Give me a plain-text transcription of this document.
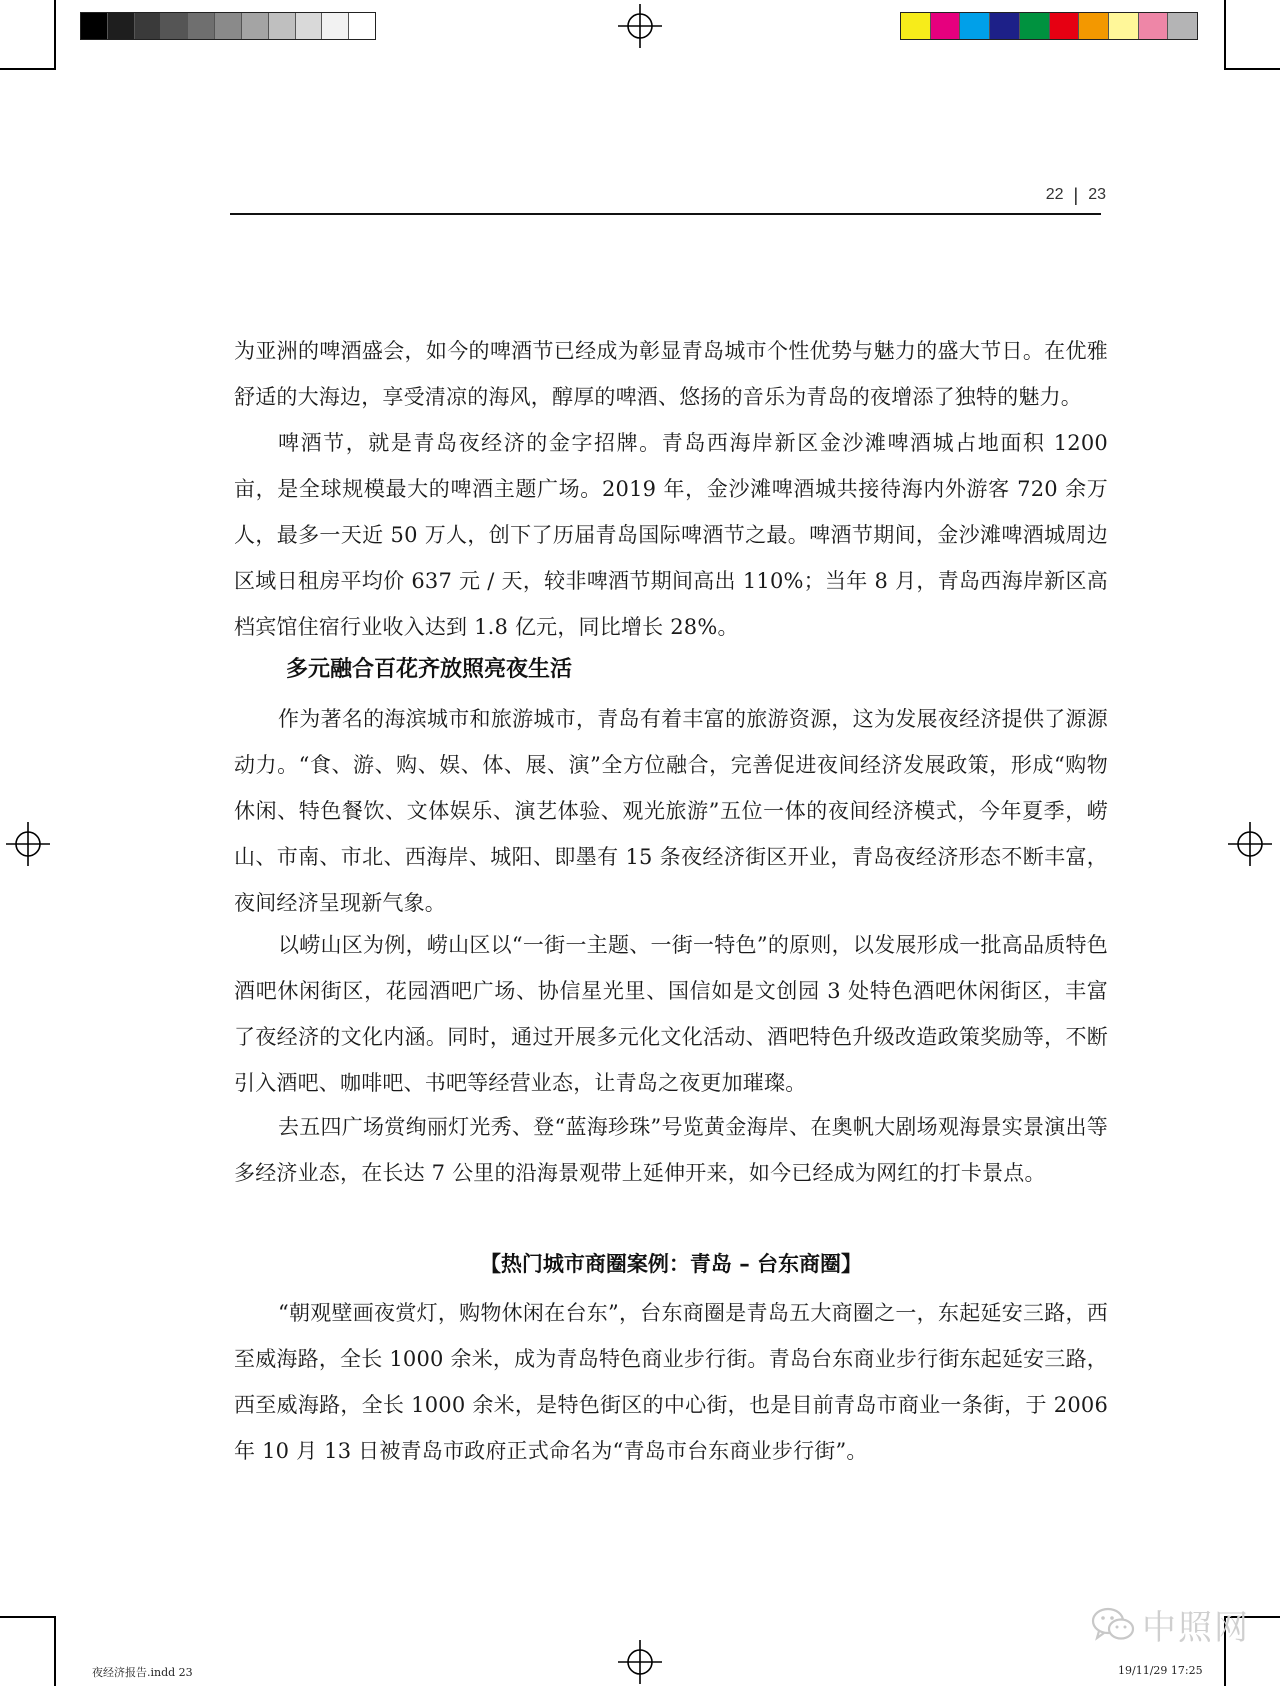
22 | 23

为亚洲的啤酒盛会，如今的啤酒节已经成为彰显青岛城市个性优势与魅力的盛大节日。在优雅舒适的大海边，享受清凉的海风，醇厚的啤酒、悠扬的音乐为青岛的夜增添了独特的魅力。

啤酒节，就是青岛夜经济的金字招牌。青岛西海岸新区金沙滩啤酒城占地面积 1200 亩，是全球规模最大的啤酒主题广场。2019 年，金沙滩啤酒城共接待海内外游客 720 余万人，最多一天近 50 万人，创下了历届青岛国际啤酒节之最。啤酒节期间，金沙滩啤酒城周边区域日租房平均价 637 元 / 天，较非啤酒节期间高出 110%；当年 8 月，青岛西海岸新区高档宾馆住宿行业收入达到 1.8 亿元，同比增长 28%。

多元融合百花齐放照亮夜生活

作为著名的海滨城市和旅游城市，青岛有着丰富的旅游资源，这为发展夜经济提供了源源动力。“食、游、购、娱、体、展、演”全方位融合，完善促进夜间经济发展政策，形成“购物休闲、特色餐饮、文体娱乐、演艺体验、观光旅游”五位一体的夜间经济模式，今年夏季，崂山、市南、市北、西海岸、城阳、即墨有 15 条夜经济街区开业，青岛夜经济形态不断丰富，夜间经济呈现新气象。

以崂山区为例，崂山区以“一街一主题、一街一特色”的原则，以发展形成一批高品质特色酒吧休闲街区，花园酒吧广场、协信星光里、国信如是文创园 3 处特色酒吧休闲街区，丰富了夜经济的文化内涵。同时，通过开展多元化文化活动、酒吧特色升级改造政策奖励等，不断引入酒吧、咖啡吧、书吧等经营业态，让青岛之夜更加璀璨。

去五四广场赏绚丽灯光秀、登“蓝海珍珠”号览黄金海岸、在奥帆大剧场观海景实景演出等多经济业态，在长达 7 公里的沿海景观带上延伸开来，如今已经成为网红的打卡景点。

【热门城市商圈案例：青岛 – 台东商圈】

“朝观壁画夜赏灯，购物休闲在台东”，台东商圈是青岛五大商圈之一，东起延安三路，西至威海路，全长 1000 余米，成为青岛特色商业步行街。青岛台东商业步行街东起延安三路，西至威海路，全长 1000 余米，是特色街区的中心街，也是目前青岛市商业一条街，于 2006 年 10 月 13 日被青岛市政府正式命名为“青岛市台东商业步行街”。

夜经济报告.indd 23	19/11/29 17:25
中照网
